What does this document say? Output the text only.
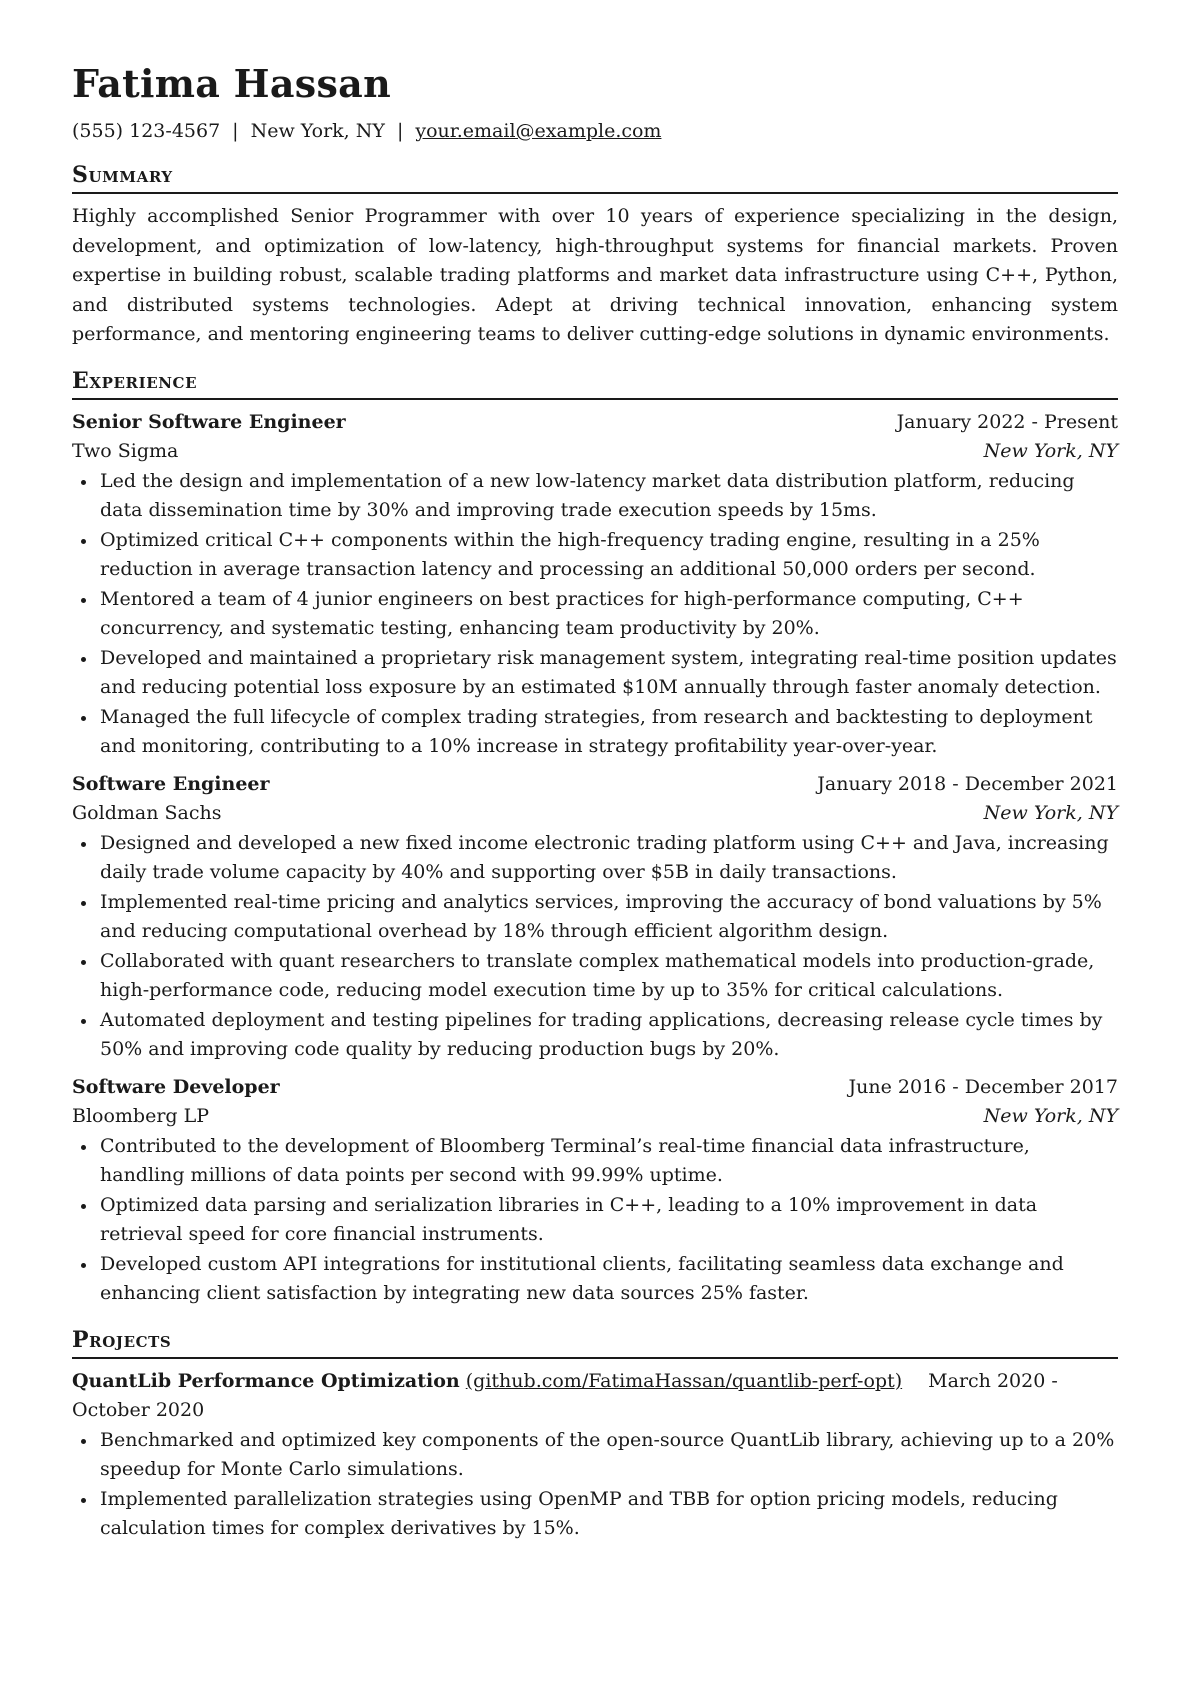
Fatima Hassan
(555) 123-4567 | New York, NY | your.email@example.com
Summary
Highly accomplished Senior Programmer with over 10 years of experience specializing in the design, development, and optimization of low-latency, high-throughput systems for financial markets. Proven expertise in building robust, scalable trading platforms and market data infrastructure using C++, Python, and distributed systems technologies. Adept at driving technical innovation, enhancing system performance, and mentoring engineering teams to deliver cutting-edge solutions in dynamic environments.
Experience
Senior Software Engineer	January 2022 - Present
Two Sigma	New York, NY
Led the design and implementation of a new low-latency market data distribution platform, reducing data dissemination time by 30% and improving trade execution speeds by 15ms.
Optimized critical C++ components within the high-frequency trading engine, resulting in a 25% reduction in average transaction latency and processing an additional 50,000 orders per second.
Mentored a team of 4 junior engineers on best practices for high-performance computing, C++ concurrency, and systematic testing, enhancing team productivity by 20%.
Developed and maintained a proprietary risk management system, integrating real-time position updates and reducing potential loss exposure by an estimated $10M annually through faster anomaly detection.
Managed the full lifecycle of complex trading strategies, from research and backtesting to deployment and monitoring, contributing to a 10% increase in strategy profitability year-over-year.
Software Engineer	January 2018 - December 2021
Goldman Sachs	New York, NY
Designed and developed a new fixed income electronic trading platform using C++ and Java, increasing daily trade volume capacity by 40% and supporting over $5B in daily transactions.
Implemented real-time pricing and analytics services, improving the accuracy of bond valuations by 5% and reducing computational overhead by 18% through efficient algorithm design.
Collaborated with quant researchers to translate complex mathematical models into production-grade, high-performance code, reducing model execution time by up to 35% for critical calculations.
Automated deployment and testing pipelines for trading applications, decreasing release cycle times by 50% and improving code quality by reducing production bugs by 20%.
Software Developer	June 2016 - December 2017
Bloomberg LP	New York, NY
Contributed to the development of Bloomberg Terminal’s real-time financial data infrastructure, handling millions of data points per second with 99.99% uptime.
Optimized data parsing and serialization libraries in C++, leading to a 10% improvement in data retrieval speed for core financial instruments.
Developed custom API integrations for institutional clients, facilitating seamless data exchange and enhancing client satisfaction by integrating new data sources 25% faster.
Projects
QuantLib Performance Optimization (github.com/FatimaHassan/quantlib-perf-opt) March 2020 - October 2020
Benchmarked and optimized key components of the open-source QuantLib library, achieving up to a 20% speedup for Monte Carlo simulations.
Implemented parallelization strategies using OpenMP and TBB for option pricing models, reducing calculation times for complex derivatives by 15%.
